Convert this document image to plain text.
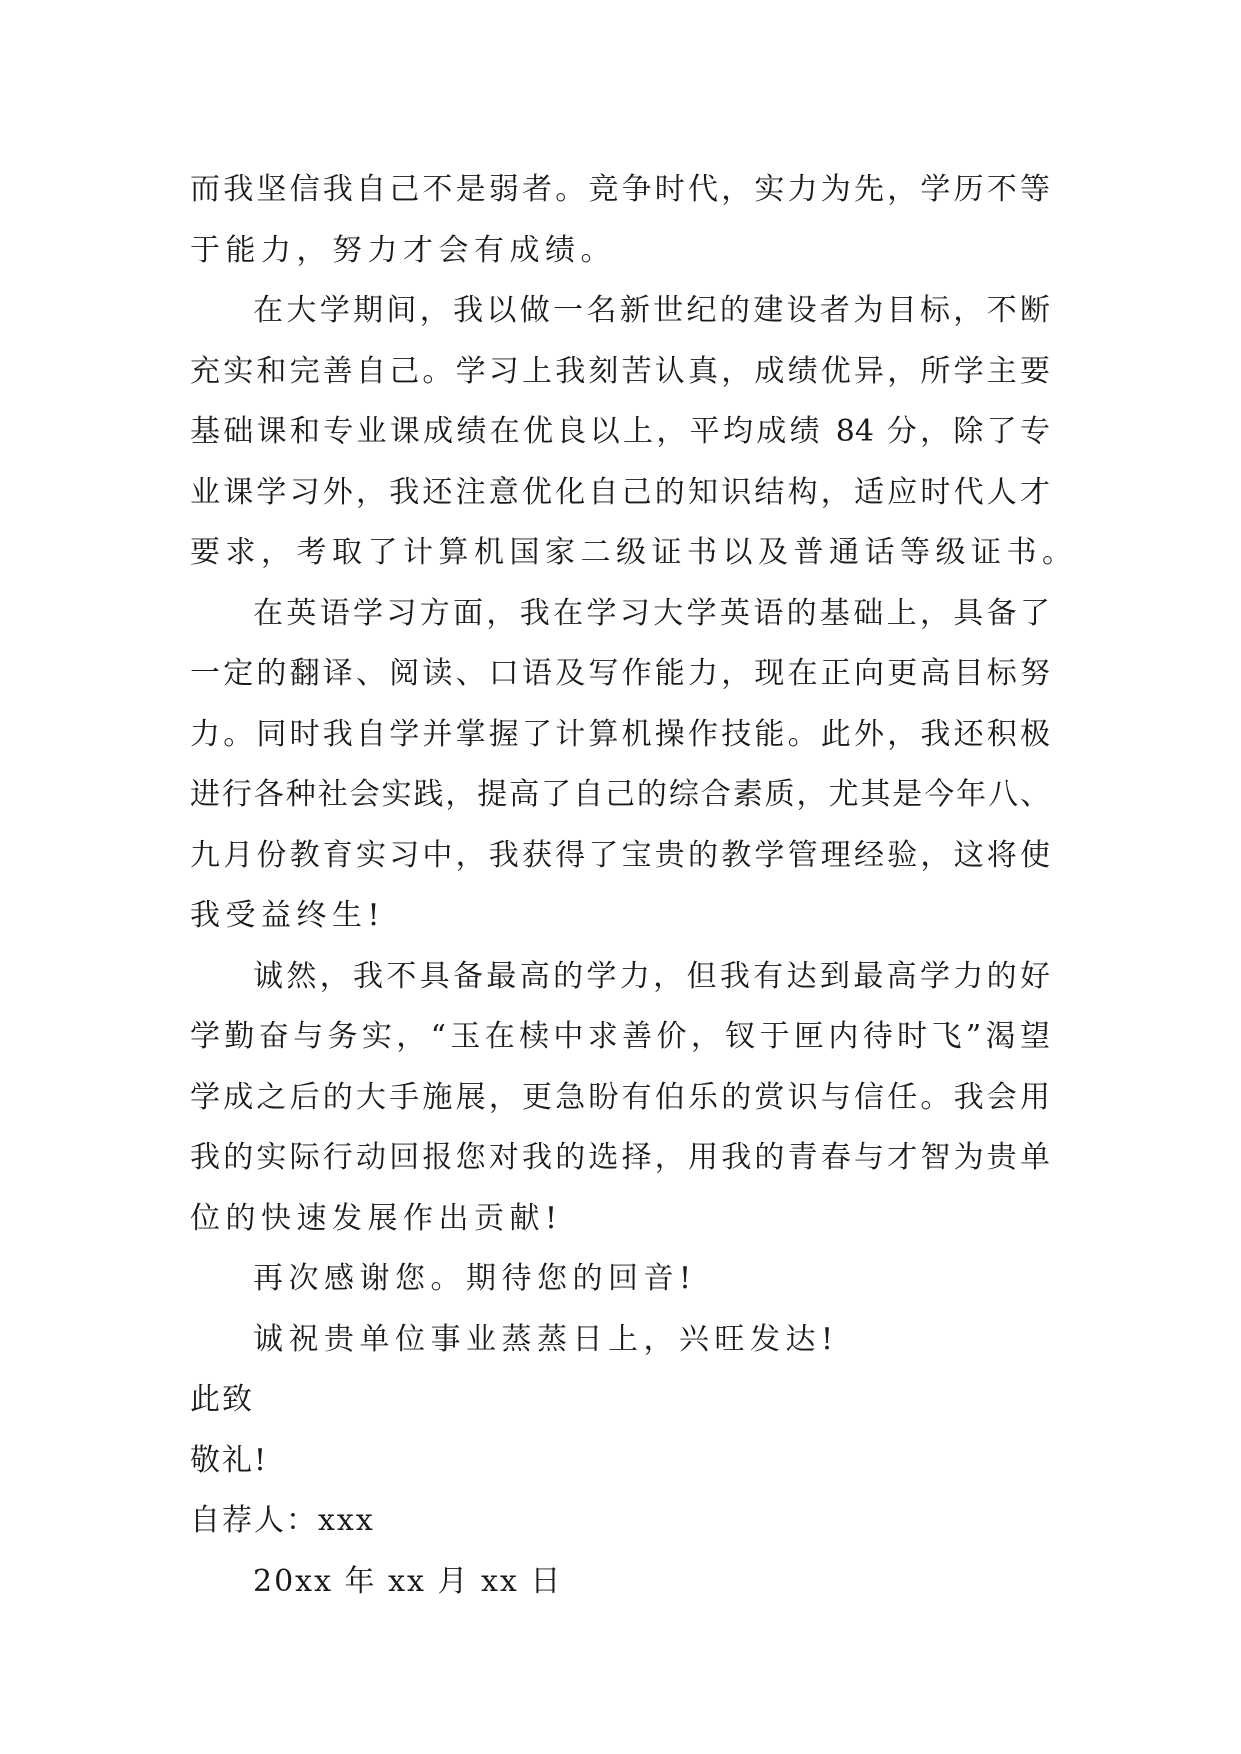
而我坚信我自己不是弱者。竞争时代，实力为先，学历不等
于能力，努力才会有成绩。
在大学期间，我以做一名新世纪的建设者为目标，不断
充实和完善自己。学习上我刻苦认真，成绩优异，所学主要
基础课和专业课成绩在优良以上，平均成绩 84 分，除了专
业课学习外，我还注意优化自己的知识结构，适应时代人才
要求，考取了计算机国家二级证书以及普通话等级证书。
在英语学习方面，我在学习大学英语的基础上，具备了
一定的翻译、阅读、口语及写作能力，现在正向更高目标努
力。同时我自学并掌握了计算机操作技能。此外，我还积极
进行各种社会实践，提高了自己的综合素质，尤其是今年八、
九月份教育实习中，我获得了宝贵的教学管理经验，这将使
我受益终生!
诚然，我不具备最高的学力，但我有达到最高学力的好
学勤奋与务实，“玉在椟中求善价，钗于匣内待时飞”渴望
学成之后的大手施展，更急盼有伯乐的赏识与信任。我会用
我的实际行动回报您对我的选择，用我的青春与才智为贵单
位的快速发展作出贡献!
再次感谢您。期待您的回音!
诚祝贵单位事业蒸蒸日上，兴旺发达!
此致
敬礼!
自荐人：xxx
20xx 年 xx 月 xx 日
